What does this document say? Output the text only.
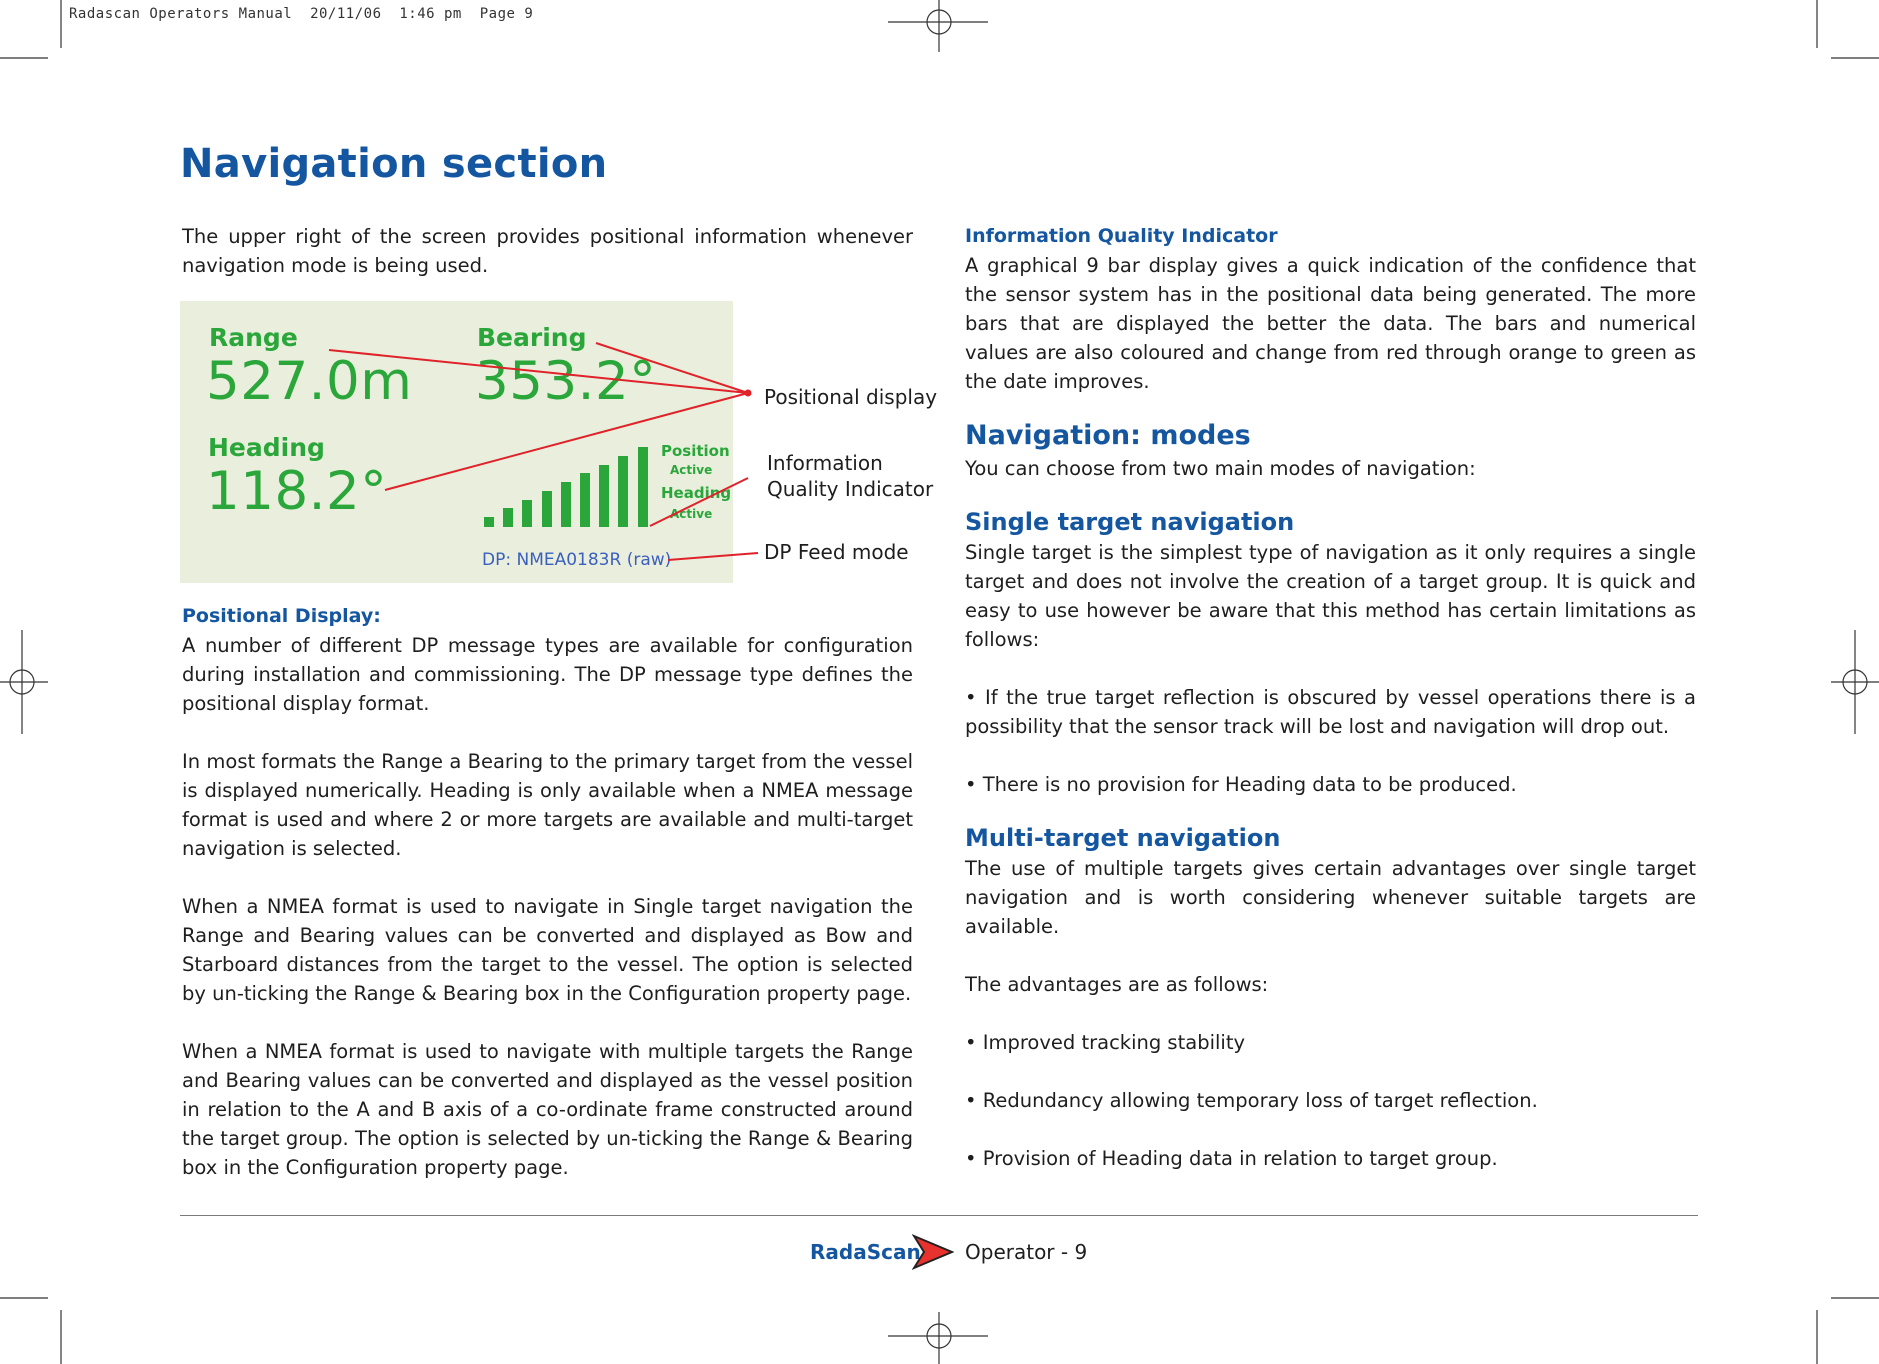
Radascan Operators Manual  20/11/06  1:46 pm  Page 9
Navigation section

The upper right of the screen provides positional information whenever navigation mode is being used.

Range
527.0m
Bearing
353.2°
Heading
118.2°
Position
Active
Heading
Active
DP: NMEA0183R (raw)
Positional display
Information
Quality Indicator
DP Feed mode
Positional Display:

A number of different DP message types are available for configuration during installation and commissioning. The DP message type defines the positional display format.

In most formats the Range a Bearing to the primary target from the vessel is displayed numerically. Heading is only available when a NMEA message format is used and where 2 or more targets are available and multi-target navigation is selected.

When a NMEA format is used to navigate in Single target navigation the Range and Bearing values can be converted and displayed as Bow and Starboard distances from the target to the vessel. The option is selected by un-ticking the Range & Bearing box in the Configuration property page.

When a NMEA format is used to navigate with multiple targets the Range and Bearing values can be converted and displayed as the vessel position in relation to the A and B axis of a co-ordinate frame constructed around the target group. The option is selected by un-ticking the Range & Bearing box in the Configuration property page.

Information Quality Indicator

A graphical 9 bar display gives a quick indication of the confidence that the sensor system has in the positional data being generated. The more bars that are displayed the better the data. The bars and numerical values are also coloured and change from red through orange to green as the date improves.

Navigation: modes

You can choose from two main modes of navigation:

Single target navigation

Single target is the simplest type of navigation as it only requires a single target and does not involve the creation of a target group. It is quick and easy to use however be aware that this method has certain limitations as follows:

• If the true target reflection is obscured by vessel operations there is a possibility that the sensor track will be lost and navigation will drop out.

• There is no provision for Heading data to be produced.

Multi-target navigation

The use of multiple targets gives certain advantages over single target navigation and is worth considering whenever suitable targets are available.

The advantages are as follows:

• Improved tracking stability

• Redundancy allowing temporary loss of target reflection.

• Provision of Heading data in relation to target group.

RadaScan Operator - 9
